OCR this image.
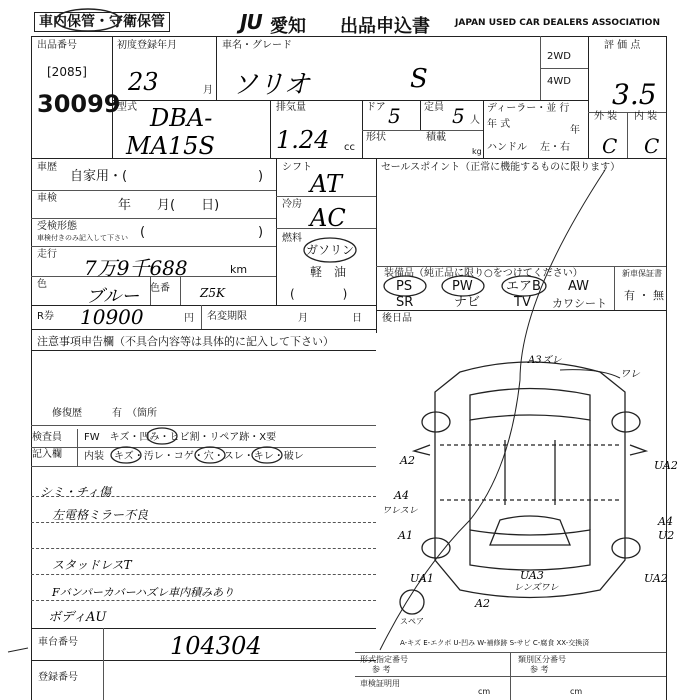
車内保管・守衛保管	JU 愛知 出品申込書	JAPAN USED CAR DEALERS ASSOCIATION
出品番号
[2085]
30099
初度登録年月
23	月
車名・グレード
ソリオ	S
2WD
4WD
評 価 点
3.5
外 装 内 装
C C
型式 DBA-
MA15S
排気量
1.24 cc
ドア 5 定員 5 人
形状	積載
kg
ディーラー・並 行
年 式
年
ハンドル 左・右
車歴
自家用・(	)
車検	年　　月(　　日)
受検形態
車検付きのみ記入して下さい (	)
走行
7万9千688	km
色
ブルー 色番	Z5K
シフト
AT
冷房 AC
燃料
ガソリン
軽　油
(　　　　)
セールスポイント（正常に機能するものに限ります）
装備品（純正品に限り○をつけてください）
PS	PW	エアB AW
SR	ナビ	TV カワシート
新車保証書
有 ・ 無
R券 10900	円 名変期限	月	日 後日品
注意事項申告欄（不具合内容等は具体的に記入して下さい）
修復歴	有　（箇所
検査員
記入欄
FW　キズ・凹み・ヒビ割・リペア跡・X要
内装　キズ・汚レ・コゲ・穴・スレ・キレ・破レ
シミ・チィ傷
左電格ミラー不良
スタッドレスT
Fバンパーカバーハズレ車内積みあり
ボディAU
車台番号	104304
登録番号
形式指定番号
参 考
類別区分番号
参 考
車検証明用
cm	cm
A3ズレ
ワレ
A2	UA2
A4
ワレスレ
A1
A4
U2
UA1	UA3
レンズワレ
A2
UA2
スペア
A-キズ E-エクボ U-凹み W-補修跡 S-サビ C-腐食 XX-交換済
